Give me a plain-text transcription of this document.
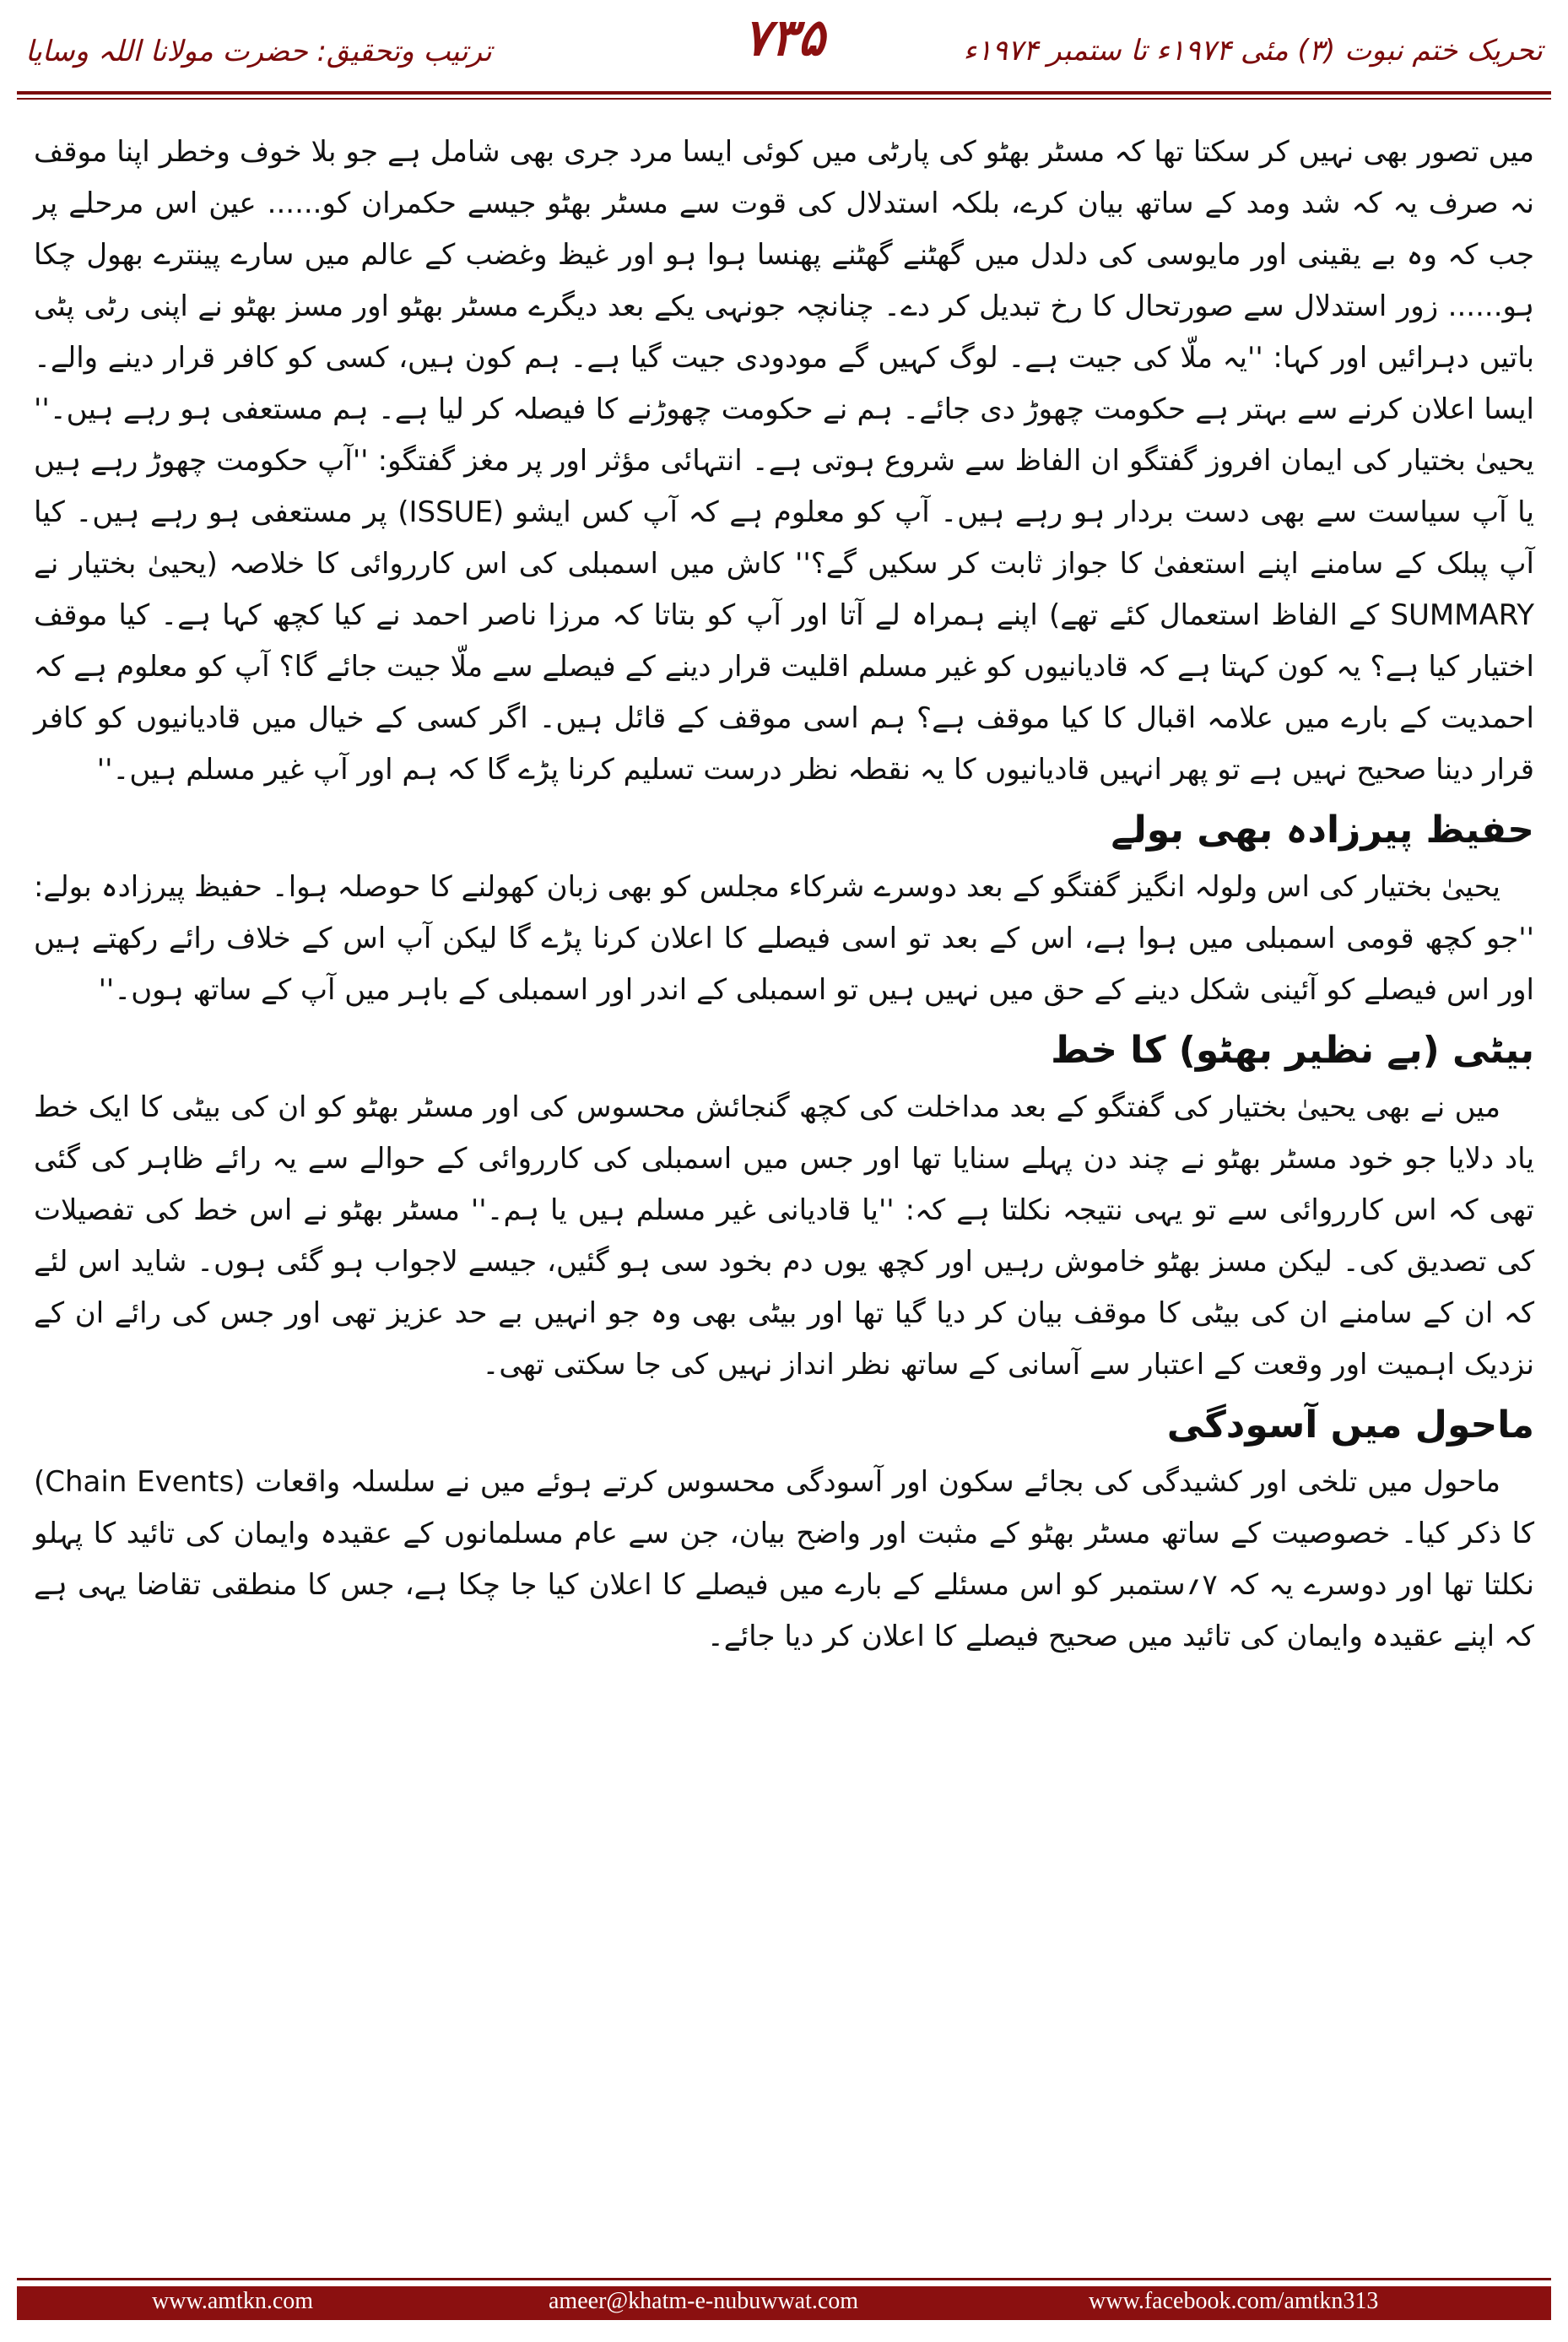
ترتیب وتحقیق: حضرت مولانا اللہ وسایا	۷۳۵	تحریک ختم نبوت (۳) مئی ۱۹۷۴ء تا ستمبر ۱۹۷۴ء

میں تصور بھی نہیں کر سکتا تھا کہ مسٹر بھٹو کی پارٹی میں کوئی ایسا مرد جری بھی شامل ہے جو بلا خوف وخطر اپنا موقف نہ صرف یہ کہ شد ومد کے ساتھ بیان کرے، بلکہ استدلال کی قوت سے مسٹر بھٹو جیسے حکمران کو...... عین اس مرحلے پر جب کہ وہ بے یقینی اور مایوسی کی دلدل میں گھٹنے گھٹنے پھنسا ہوا ہو اور غیظ وغضب کے عالم میں سارے پینترے بھول چکا ہو...... زور استدلال سے صورتحال کا رخ تبدیل کر دے۔ چنانچہ جونہی یکے بعد دیگرے مسٹر بھٹو اور مسز بھٹو نے اپنی رٹی پٹی باتیں دہرائیں اور کہا: ''یہ ملّا کی جیت ہے۔ لوگ کہیں گے مودودی جیت گیا ہے۔ ہم کون ہیں، کسی کو کافر قرار دینے والے۔ ایسا اعلان کرنے سے بہتر ہے حکومت چھوڑ دی جائے۔ ہم نے حکومت چھوڑنے کا فیصلہ کر لیا ہے۔ ہم مستعفی ہو رہے ہیں۔'' یحییٰ بختیار کی ایمان افروز گفتگو ان الفاظ سے شروع ہوتی ہے۔ انتہائی مؤثر اور پر مغز گفتگو: ''آپ حکومت چھوڑ رہے ہیں یا آپ سیاست سے بھی دست بردار ہو رہے ہیں۔ آپ کو معلوم ہے کہ آپ کس ایشو (ISSUE) پر مستعفی ہو رہے ہیں۔ کیا آپ پبلک کے سامنے اپنے استعفیٰ کا جواز ثابت کر سکیں گے؟'' کاش میں اسمبلی کی اس کارروائی کا خلاصہ (یحییٰ بختیار نے SUMMARY کے الفاظ استعمال کئے تھے) اپنے ہمراہ لے آتا اور آپ کو بتاتا کہ مرزا ناصر احمد نے کیا کچھ کہا ہے۔ کیا موقف اختیار کیا ہے؟ یہ کون کہتا ہے کہ قادیانیوں کو غیر مسلم اقلیت قرار دینے کے فیصلے سے ملّا جیت جائے گا؟ آپ کو معلوم ہے کہ احمدیت کے بارے میں علامہ اقبال کا کیا موقف ہے؟ ہم اسی موقف کے قائل ہیں۔ اگر کسی کے خیال میں قادیانیوں کو کافر قرار دینا صحیح نہیں ہے تو پھر انہیں قادیانیوں کا یہ نقطہ نظر درست تسلیم کرنا پڑے گا کہ ہم اور آپ غیر مسلم ہیں۔''

حفیظ پیرزادہ بھی بولے

یحییٰ بختیار کی اس ولولہ انگیز گفتگو کے بعد دوسرے شرکاء مجلس کو بھی زبان کھولنے کا حوصلہ ہوا۔ حفیظ پیرزادہ بولے: ''جو کچھ قومی اسمبلی میں ہوا ہے، اس کے بعد تو اسی فیصلے کا اعلان کرنا پڑے گا لیکن آپ اس کے خلاف رائے رکھتے ہیں اور اس فیصلے کو آئینی شکل دینے کے حق میں نہیں ہیں تو اسمبلی کے اندر اور اسمبلی کے باہر میں آپ کے ساتھ ہوں۔''

بیٹی (بے نظیر بھٹو) کا خط

میں نے بھی یحییٰ بختیار کی گفتگو کے بعد مداخلت کی کچھ گنجائش محسوس کی اور مسٹر بھٹو کو ان کی بیٹی کا ایک خط یاد دلایا جو خود مسٹر بھٹو نے چند دن پہلے سنایا تھا اور جس میں اسمبلی کی کارروائی کے حوالے سے یہ رائے ظاہر کی گئی تھی کہ اس کارروائی سے تو یہی نتیجہ نکلتا ہے کہ: ''یا قادیانی غیر مسلم ہیں یا ہم۔'' مسٹر بھٹو نے اس خط کی تفصیلات کی تصدیق کی۔ لیکن مسز بھٹو خاموش رہیں اور کچھ یوں دم بخود سی ہو گئیں، جیسے لاجواب ہو گئی ہوں۔ شاید اس لئے کہ ان کے سامنے ان کی بیٹی کا موقف بیان کر دیا گیا تھا اور بیٹی بھی وہ جو انہیں بے حد عزیز تھی اور جس کی رائے ان کے نزدیک اہمیت اور وقعت کے اعتبار سے آسانی کے ساتھ نظر انداز نہیں کی جا سکتی تھی۔

ماحول میں آسودگی

ماحول میں تلخی اور کشیدگی کی بجائے سکون اور آسودگی محسوس کرتے ہوئے میں نے سلسلہ واقعات (Chain Events) کا ذکر کیا۔ خصوصیت کے ساتھ مسٹر بھٹو کے مثبت اور واضح بیان، جن سے عام مسلمانوں کے عقیدہ وایمان کی تائید کا پہلو نکلتا تھا اور دوسرے یہ کہ ۷؍ستمبر کو اس مسئلے کے بارے میں فیصلے کا اعلان کیا جا چکا ہے، جس کا منطقی تقاضا یہی ہے کہ اپنے عقیدہ وایمان کی تائید میں صحیح فیصلے کا اعلان کر دیا جائے۔

www.amtkn.com	ameer@khatm-e-nubuwwat.com	www.facebook.com/amtkn313
